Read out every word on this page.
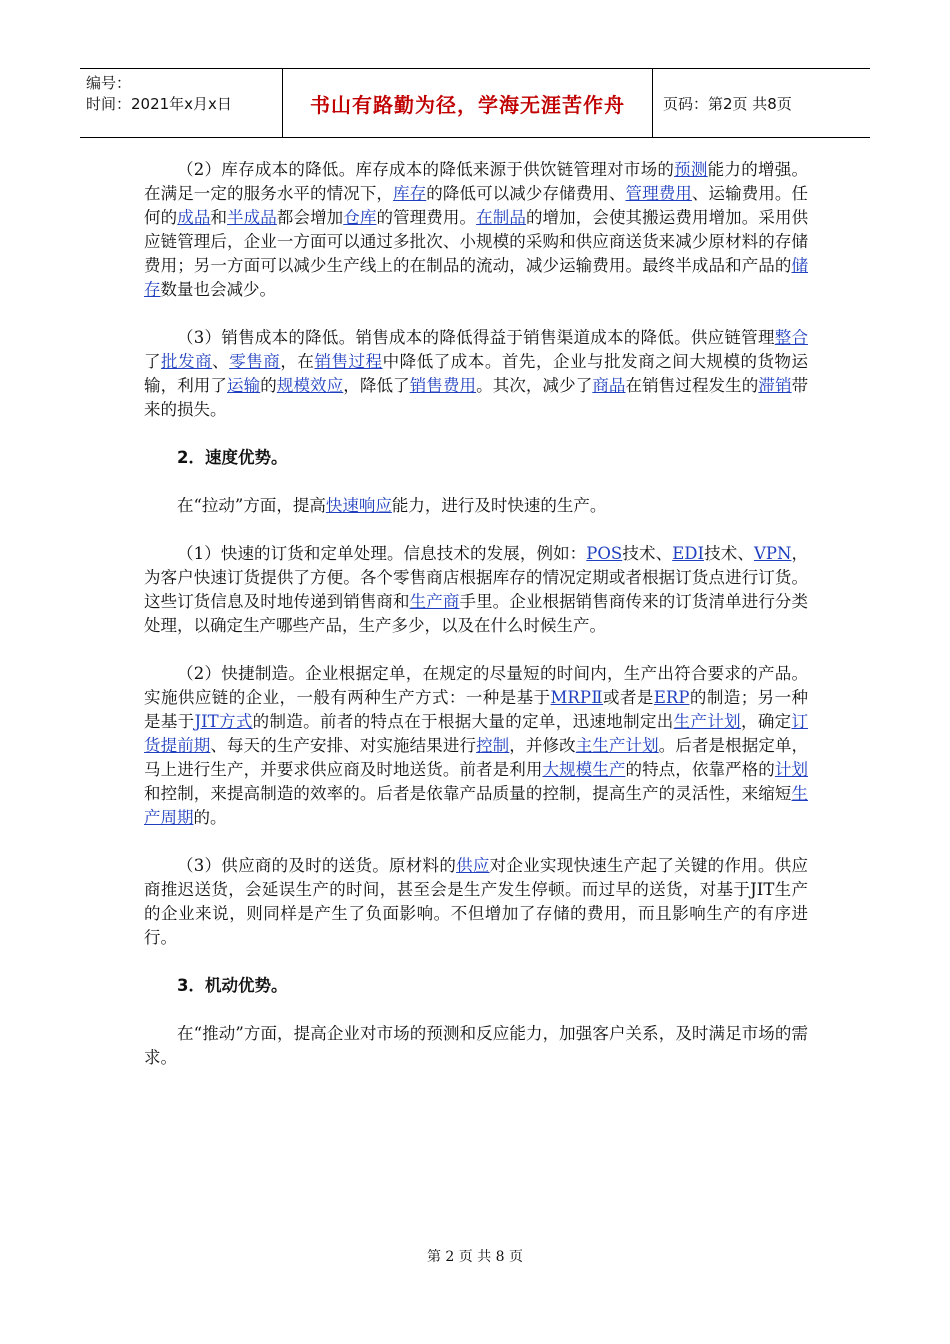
编号：
时间：2021年x月x日	书山有路勤为径，学海无涯苦作舟	页码：第2页 共8页

（2）库存成本的降低。库存成本的降低来源于供饮链管理对市场的预测能力的增强。在满足一定的服务水平的情况下，库存的降低可以减少存储费用、管理费用、运输费用。任何的成品和半成品都会增加仓库的管理费用。在制品的增加，会使其搬运费用增加。采用供应链管理后，企业一方面可以通过多批次、小规模的采购和供应商送货来减少原材料的存储费用；另一方面可以减少生产线上的在制品的流动，减少运输费用。最终半成品和产品的储存数量也会减少。

（3）销售成本的降低。销售成本的降低得益于销售渠道成本的降低。供应链管理整合了批发商、零售商，在销售过程中降低了成本。首先，企业与批发商之间大规模的货物运输，利用了运输的规模效应，降低了销售费用。其次，减少了商品在销售过程发生的滞销带来的损失。

2．速度优势。

在“拉动”方面，提高快速响应能力，进行及时快速的生产。

（1）快速的订货和定单处理。信息技术的发展，例如：POS技术、EDI技术、VPN，为客户快速订货提供了方便。各个零售商店根据库存的情况定期或者根据订货点进行订货。这些订货信息及时地传递到销售商和生产商手里。企业根据销售商传来的订货清单进行分类处理，以确定生产哪些产品，生产多少，以及在什么时候生产。

（2）快捷制造。企业根据定单，在规定的尽量短的时间内，生产出符合要求的产品。实施供应链的企业，一般有两种生产方式：一种是基于MRPⅡ或者是ERP的制造；另一种是基于JIT方式的制造。前者的特点在于根据大量的定单，迅速地制定出生产计划，确定订货提前期、每天的生产安排、对实施结果进行控制，并修改主生产计划。后者是根据定单，马上进行生产，并要求供应商及时地送货。前者是利用大规模生产的特点，依靠严格的计划和控制，来提高制造的效率的。后者是依靠产品质量的控制，提高生产的灵活性，来缩短生产周期的。

（3）供应商的及时的送货。原材料的供应对企业实现快速生产起了关键的作用。供应商推迟送货，会延误生产的时间，甚至会是生产发生停顿。而过早的送货，对基于JIT生产的企业来说，则同样是产生了负面影响。不但增加了存储的费用，而且影响生产的有序进行。

3．机动优势。

在“推动”方面，提高企业对市场的预测和反应能力，加强客户关系，及时满足市场的需求。

第 2 页 共 8 页
